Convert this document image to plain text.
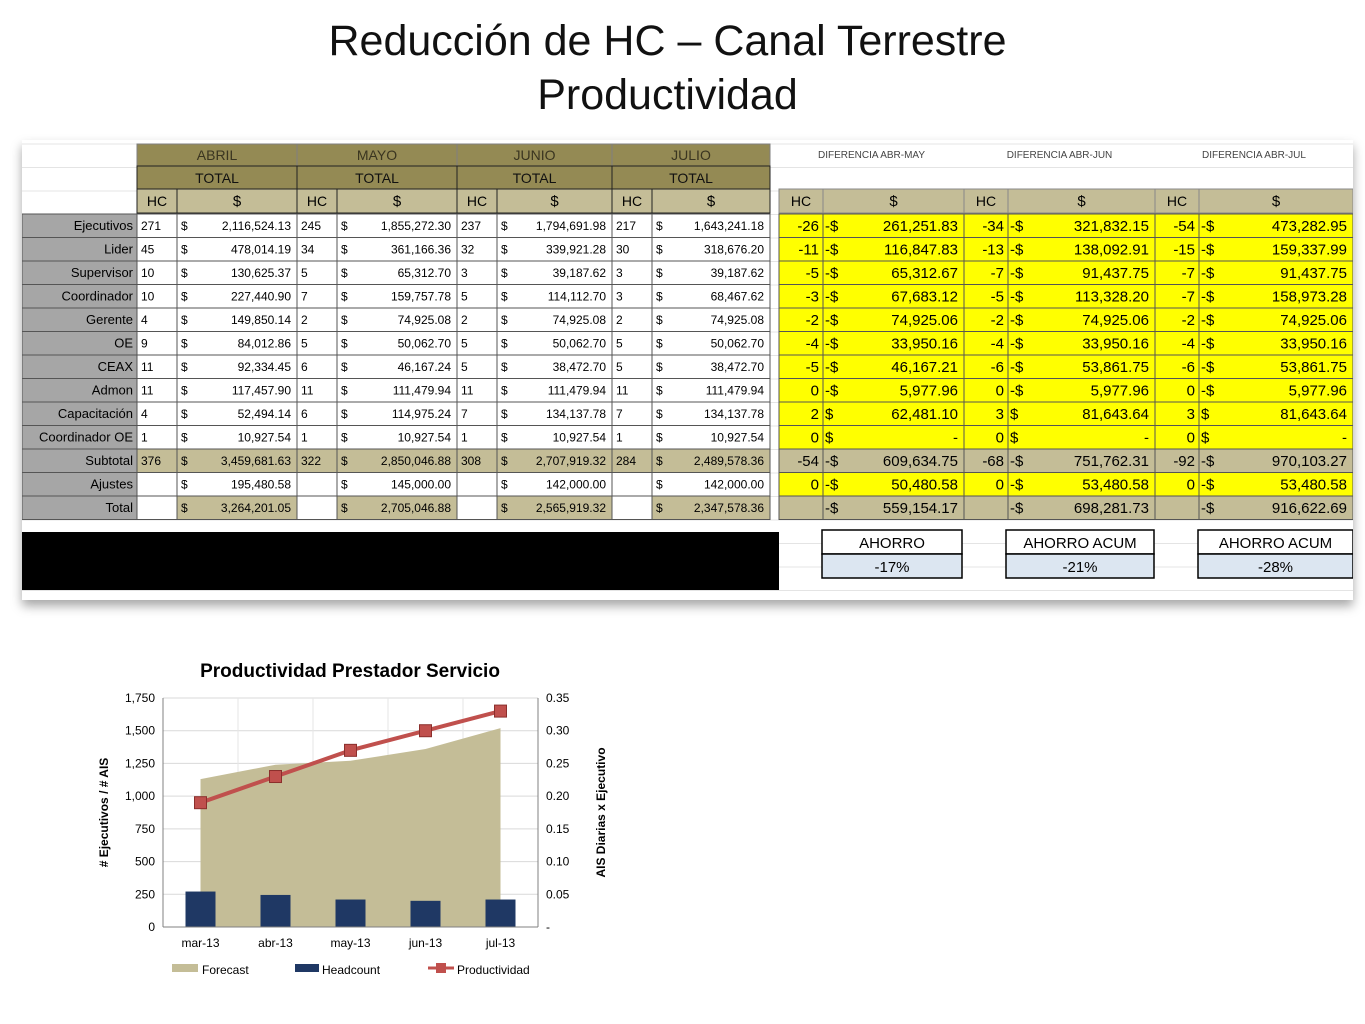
Reducción de HC – Canal Terrestre
Productividad
ABRIL
TOTAL
HC	$
MAYO
TOTAL
HC	$
JUNIO
TOTAL
HC	$
JULIO
TOTAL
HC	$
DIFERENCIA ABR-MAY
HC	$
DIFERENCIA ABR-JUN
HC	$
DIFERENCIA ABR-JUL
HC	$
Ejecutivos 271 $	2,116,524.13 245 $	1,855,272.30 237 $ 1,794,691.98 217 $	1,643,241.18 -26 -$	261,251.83 -34 -$	321,832.15 -54 -$	473,282.95
Lider 45 $	478,014.19 34 $	361,166.36 32 $	339,921.28 30 $	318,676.20 -11 -$	116,847.83 -13 -$	138,092.91 -15 -$	159,337.99
Supervisor 10 $	130,625.37 5	$	65,312.70 3	$	39,187.62 3	$	39,187.62	-5 -$	65,312.67 -7 -$	91,437.75 -7 -$	91,437.75
Coordinador 10 $	227,440.90 7	$	159,757.78 5	$	114,112.70 3	$	68,467.62	-3 -$	67,683.12 -5 -$	113,328.20 -7 -$	158,973.28
Gerente 4	$	149,850.14 2	$	74,925.08 2	$	74,925.08 2	$	74,925.08	-2 -$	74,925.06 -2 -$	74,925.06 -2 -$	74,925.06
OE 9	$	84,012.86 5	$	50,062.70 5	$	50,062.70 5	$	50,062.70	-4 -$	33,950.16 -4 -$	33,950.16 -4 -$	33,950.16
CEAX 11 $	92,334.45 6	$	46,167.24 5	$	38,472.70 5	$	38,472.70	-5 -$	46,167.21 -6 -$	53,861.75 -6 -$	53,861.75
Admon 11 $	117,457.90 11 $	111,479.94 11 $	111,479.94 11 $	111,479.94	0 -$	5,977.96	0 -$	5,977.96	0 -$	5,977.96
Capacitación 4	$	52,494.14 6	$	114,975.24 7	$	134,137.78 7	$	134,137.78	2 $	62,481.10	3 $	81,643.64	3 $	81,643.64
Coordinador OE 1	$	10,927.54 1	$	10,927.54 1	$	10,927.54 1	$	10,927.54	0 $	-	0 $	-	0 $	-
Subtotal 376 $	3,459,681.63 322 $	2,850,046.88 308 $ 2,707,919.32 284 $	2,489,578.36 -54 -$	609,634.75 -68 -$	751,762.31 -92 -$	970,103.27
Ajustes	$	195,480.58	$	145,000.00	$	142,000.00	$	142,000.00	0 -$	50,480.58	0 -$	53,480.58	0 -$	53,480.58
Total	$	3,264,201.05	$	2,705,046.88	$ 2,565,919.32	$	2,347,578.36	-$	559,154.17	-$	698,281.73	-$	916,622.69
AHORRO
-17%
AHORRO ACUM
-21%
AHORRO ACUM
-28%
Productividad Prestador Servicio
0
250
500
750
1,000
1,250
1,500
1,750
-
0.05
0.10
0.15
0.20
0.25
0.30
0.35
mar-13	abr-13	may-13	jun-13	jul-13
# Ejecutivos / # AIS	AIS Diarias x Ejecutivo
Forecast	Headcount	Productividad
